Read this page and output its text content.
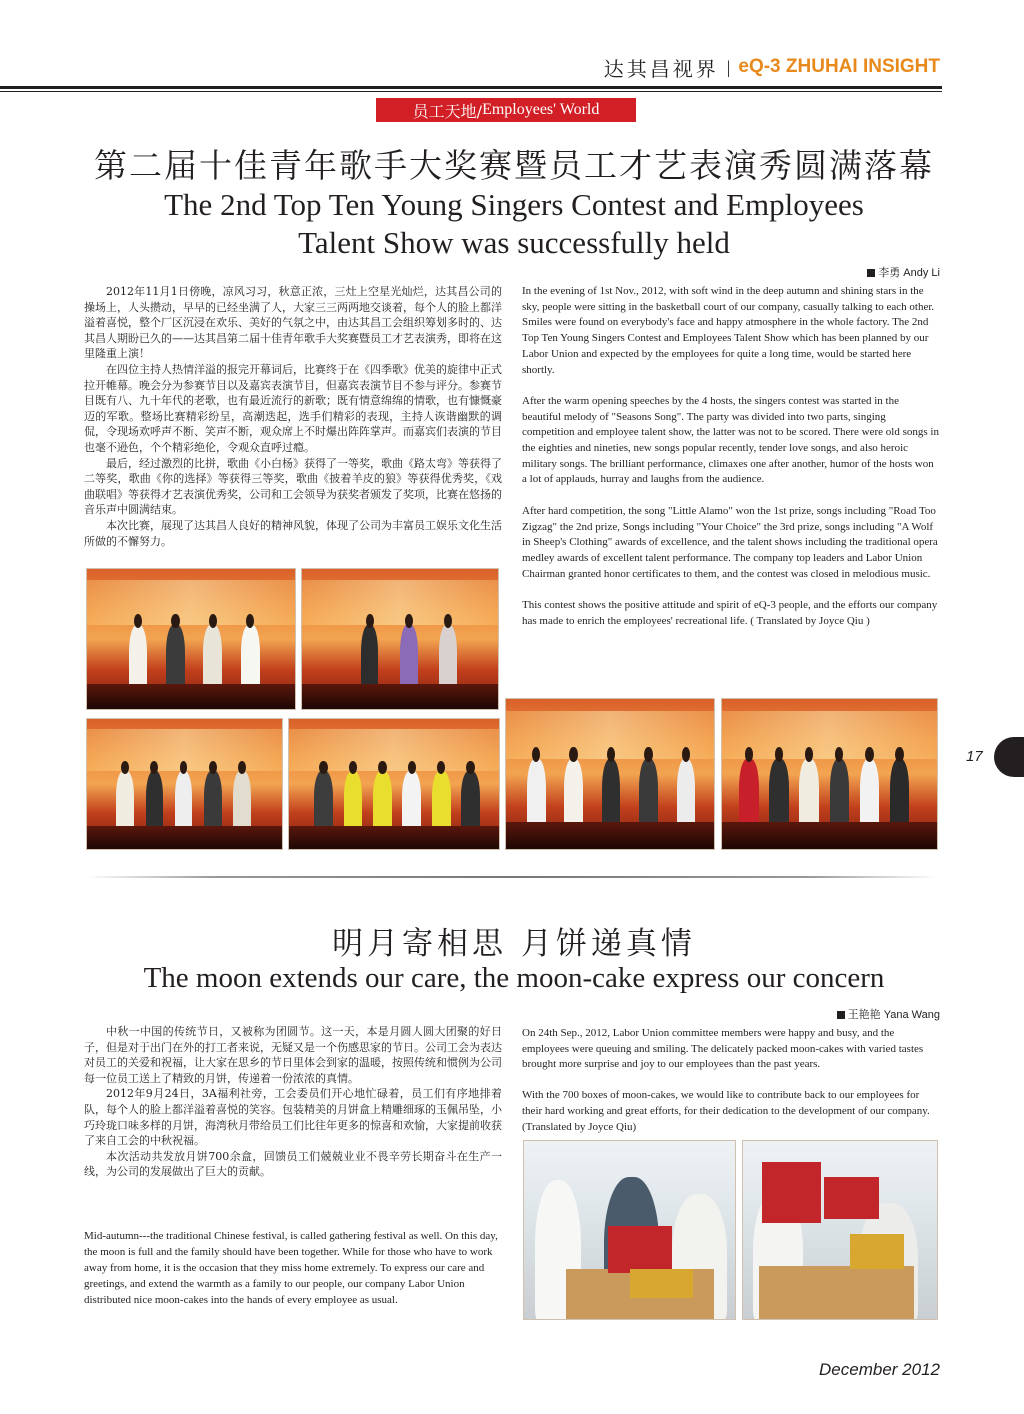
达其昌视界 | eQ-3 ZHUHAI INSIGHT
员工天地/ Employees' World
第二届十佳青年歌手大奖赛暨员工才艺表演秀圆满落幕
The 2nd Top Ten Young Singers Contest and Employees
Talent Show was successfully held
李勇 Andy Li

2012年11月1日傍晚，凉风习习，秋意正浓，三灶上空星光灿烂，达其昌公司的操场上，人头攒动，早早的已经坐满了人，大家三三两两地交谈着，每个人的脸上都洋溢着喜悦，整个厂区沉浸在欢乐、美好的气氛之中，由达其昌工会组织筹划多时的、达其昌人期盼已久的——达其昌第二届十佳青年歌手大奖赛暨员工才艺表演秀，即将在这里隆重上演！

在四位主持人热情洋溢的报完开幕词后，比赛终于在《四季歌》优美的旋律中正式拉开帷幕。晚会分为参赛节目以及嘉宾表演节目，但嘉宾表演节目不参与评分。参赛节目既有八、九十年代的老歌，也有最近流行的新歌；既有情意绵绵的情歌，也有慷慨豪迈的军歌。整场比赛精彩纷呈，高潮迭起，选手们精彩的表现，主持人诙谐幽默的调侃，令现场欢呼声不断、笑声不断，观众席上不时爆出阵阵掌声。而嘉宾们表演的节目也毫不逊色，个个精彩绝伦，令观众直呼过瘾。

最后，经过激烈的比拼，歌曲《小白杨》获得了一等奖，歌曲《路太弯》等获得了二等奖，歌曲《你的选择》等获得三等奖，歌曲《披着羊皮的狼》等获得优秀奖，《戏曲联唱》等获得才艺表演优秀奖，公司和工会领导为获奖者颁发了奖项，比赛在悠扬的音乐声中圆满结束。

本次比赛，展现了达其昌人良好的精神风貌，体现了公司为丰富员工娱乐文化生活所做的不懈努力。

In the evening of 1st Nov., 2012, with soft wind in the deep autumn and shining stars in the sky, people were sitting in the basketball court of our company, casually talking to each other. Smiles were found on everybody's face and happy atmosphere in the whole factory. The 2nd Top Ten Young Singers Contest and Employees Talent Show which has been planned by our Labor Union and expected by the employees for quite a long time, would be started here shortly.

After the warm opening speeches by the 4 hosts, the singers contest was started in the beautiful melody of "Seasons Song". The party was divided into two parts, singing competition and employee talent show, the latter was not to be scored. There were old songs in the eighties and nineties, new songs popular recently, tender love songs, and also heroic military songs. The brilliant performance, climaxes one after another, humor of the hosts won a lot of applauds, hurray and laughs from the audience.

After hard competition, the song "Little Alamo" won the 1st prize, songs including "Road Too Zigzag" the 2nd prize, Songs including "Your Choice" the 3rd prize, songs including "A Wolf in Sheep's Clothing" awards of excellence, and the talent shows including the traditional opera medley awards of excellent talent performance. The company top leaders and Labor Union Chairman granted honor certificates to them, and the contest was closed in melodious music.

This contest shows the positive attitude and spirit of eQ-3 people, and the efforts our company has made to enrich the employees' recreational life. ( Translated by Joyce Qiu )

17
明月寄相思 月饼递真情
The moon extends our care, the moon-cake express our concern
王艳艳 Yana Wang

中秋一中国的传统节日，又被称为团圆节。这一天，本是月圆人圆大团聚的好日子，但是对于出门在外的打工者来说，无疑又是一个伤感思家的节日。公司工会为表达对员工的关爱和祝福，让大家在思乡的节日里体会到家的温暖，按照传统和惯例为公司每一位员工送上了精致的月饼，传递着一份浓浓的真情。

2012年9月24日，3A福利社旁，工会委员们开心地忙碌着，员工们有序地排着队，每个人的脸上都洋溢着喜悦的笑容。包装精美的月饼盒上精雕细琢的玉佩吊坠，小巧玲珑口味多样的月饼，海湾秋月带给员工们比往年更多的惊喜和欢愉，大家提前收获了来自工会的中秋祝福。

本次活动共发放月饼700余盒，回馈员工们兢兢业业不畏辛劳长期奋斗在生产一线，为公司的发展做出了巨大的贡献。

Mid-autumn---the traditional Chinese festival, is called gathering festival as well. On this day, the moon is full and the family should have been together. While for those who have to work away from home, it is the occasion that they miss home extremely. To express our care and greetings, and extend the warmth as a family to our people, our company Labor Union distributed nice moon-cakes into the hands of every employee as usual.

On 24th Sep., 2012, Labor Union committee members were happy and busy, and the employees were queuing and smiling. The delicately packed moon-cakes with varied tastes brought more surprise and joy to our employees than the past years.

With the 700 boxes of moon-cakes, we would like to contribute back to our employees for their hard working and great efforts, for their dedication to the development of our company. (Translated by Joyce Qiu)

December 2012
